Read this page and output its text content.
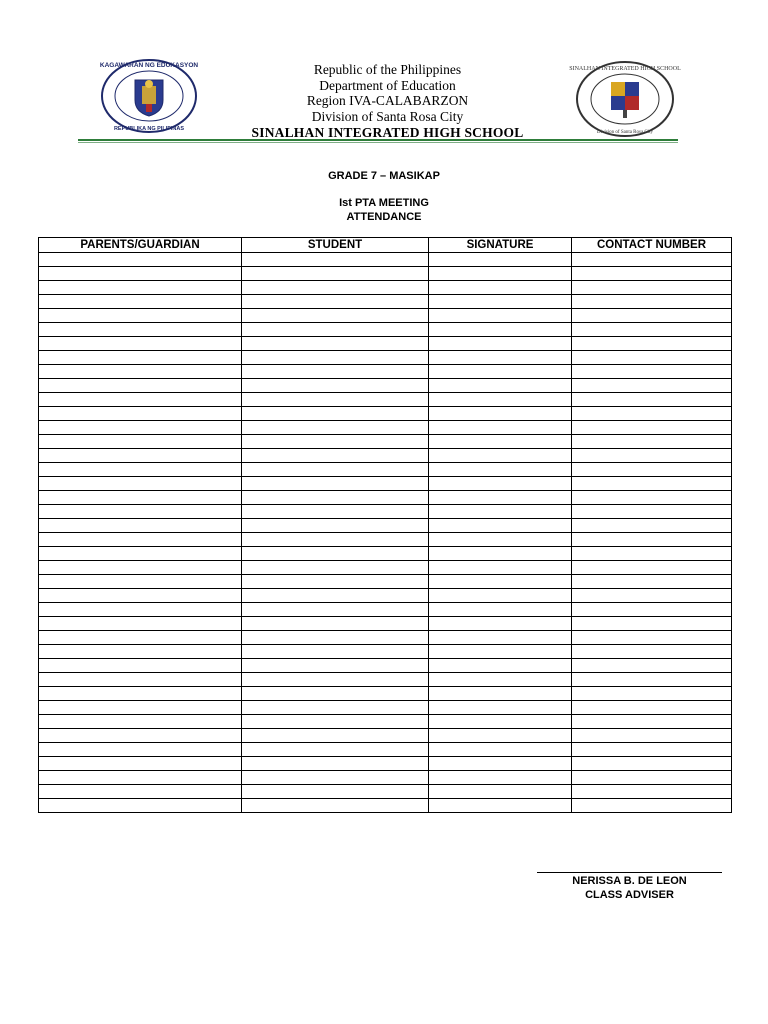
KAGAWARAN NG EDUKASYON
REPUBLIKA NG PILIPINAS
Republic of the Philippines
Department of Education
Region IVA-CALABARZON
Division of Santa Rosa City
SINALHAN INTEGRATED HIGH SCHOOL
SINALHAN INTEGRATED HIGH SCHOOL
Division of Santa Rosa City
GRADE 7 – MASIKAP
Ist PTA MEETING
ATTENDANCE
PARENTS/GUARDIAN	STUDENT	SIGNATURE	CONTACT NUMBER

NERISSA B. DE LEON
CLASS ADVISER
